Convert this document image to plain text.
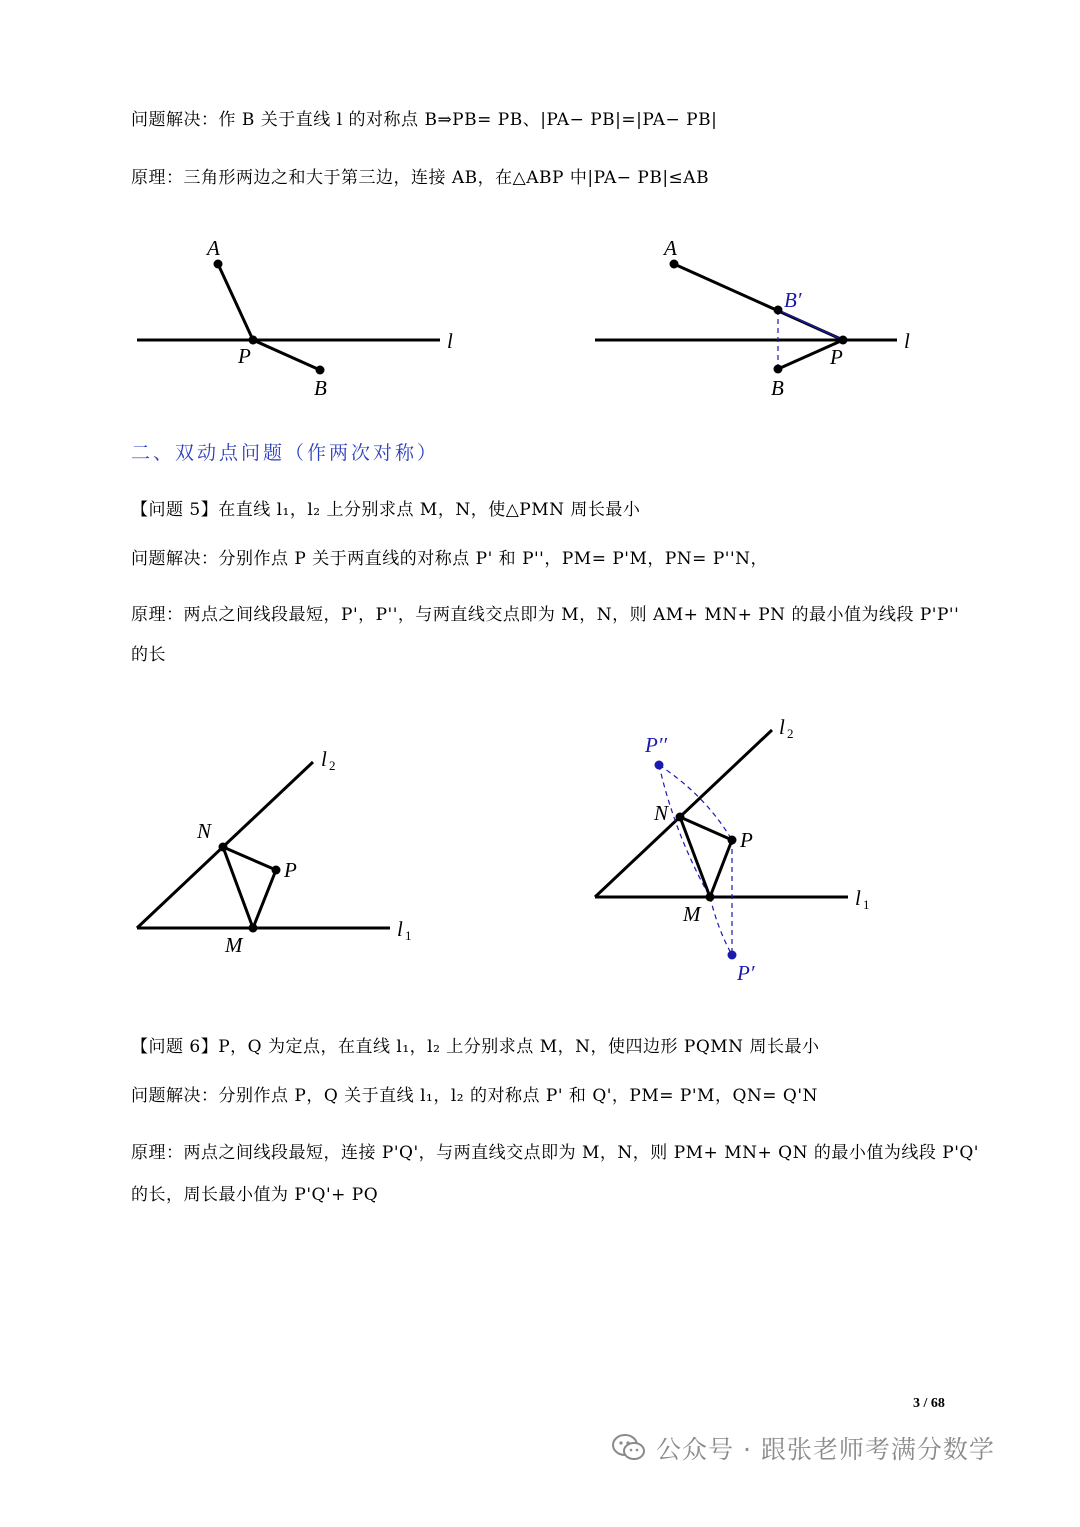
问题解决：作 B 关于直线 l 的对称点 B⇒PB= PB、|PA− PB|=|PA− PB|
原理：三角形两边之和大于第三边，连接 AB，在△ABP 中|PA− PB|≤AB
A
P
B
l
A
B′
P
B
l
l 2
N
P
M
l 1
l 2
P′′
N
P
M
l 1
P′
二、双动点问题（作两次对称）
【问题 5】在直线 l₁，l₂ 上分别求点 M，N，使△PMN 周长最小
问题解决：分别作点 P 关于两直线的对称点 P' 和 P''，PM= P'M，PN= P''N，
原理：两点之间线段最短，P'，P''，与两直线交点即为 M，N，则 AM+ MN+ PN 的最小值为线段 P'P''
的长
【问题 6】P，Q 为定点，在直线 l₁，l₂ 上分别求点 M，N，使四边形 PQMN 周长最小
问题解决：分别作点 P，Q 关于直线 l₁，l₂ 的对称点 P' 和 Q'，PM= P'M，QN= Q'N
原理：两点之间线段最短，连接 P'Q'，与两直线交点即为 M，N，则 PM+ MN+ QN 的最小值为线段 P'Q'
的长，周长最小值为 P'Q'+ PQ
3 / 68
公众号 · 跟张老师考满分数学
